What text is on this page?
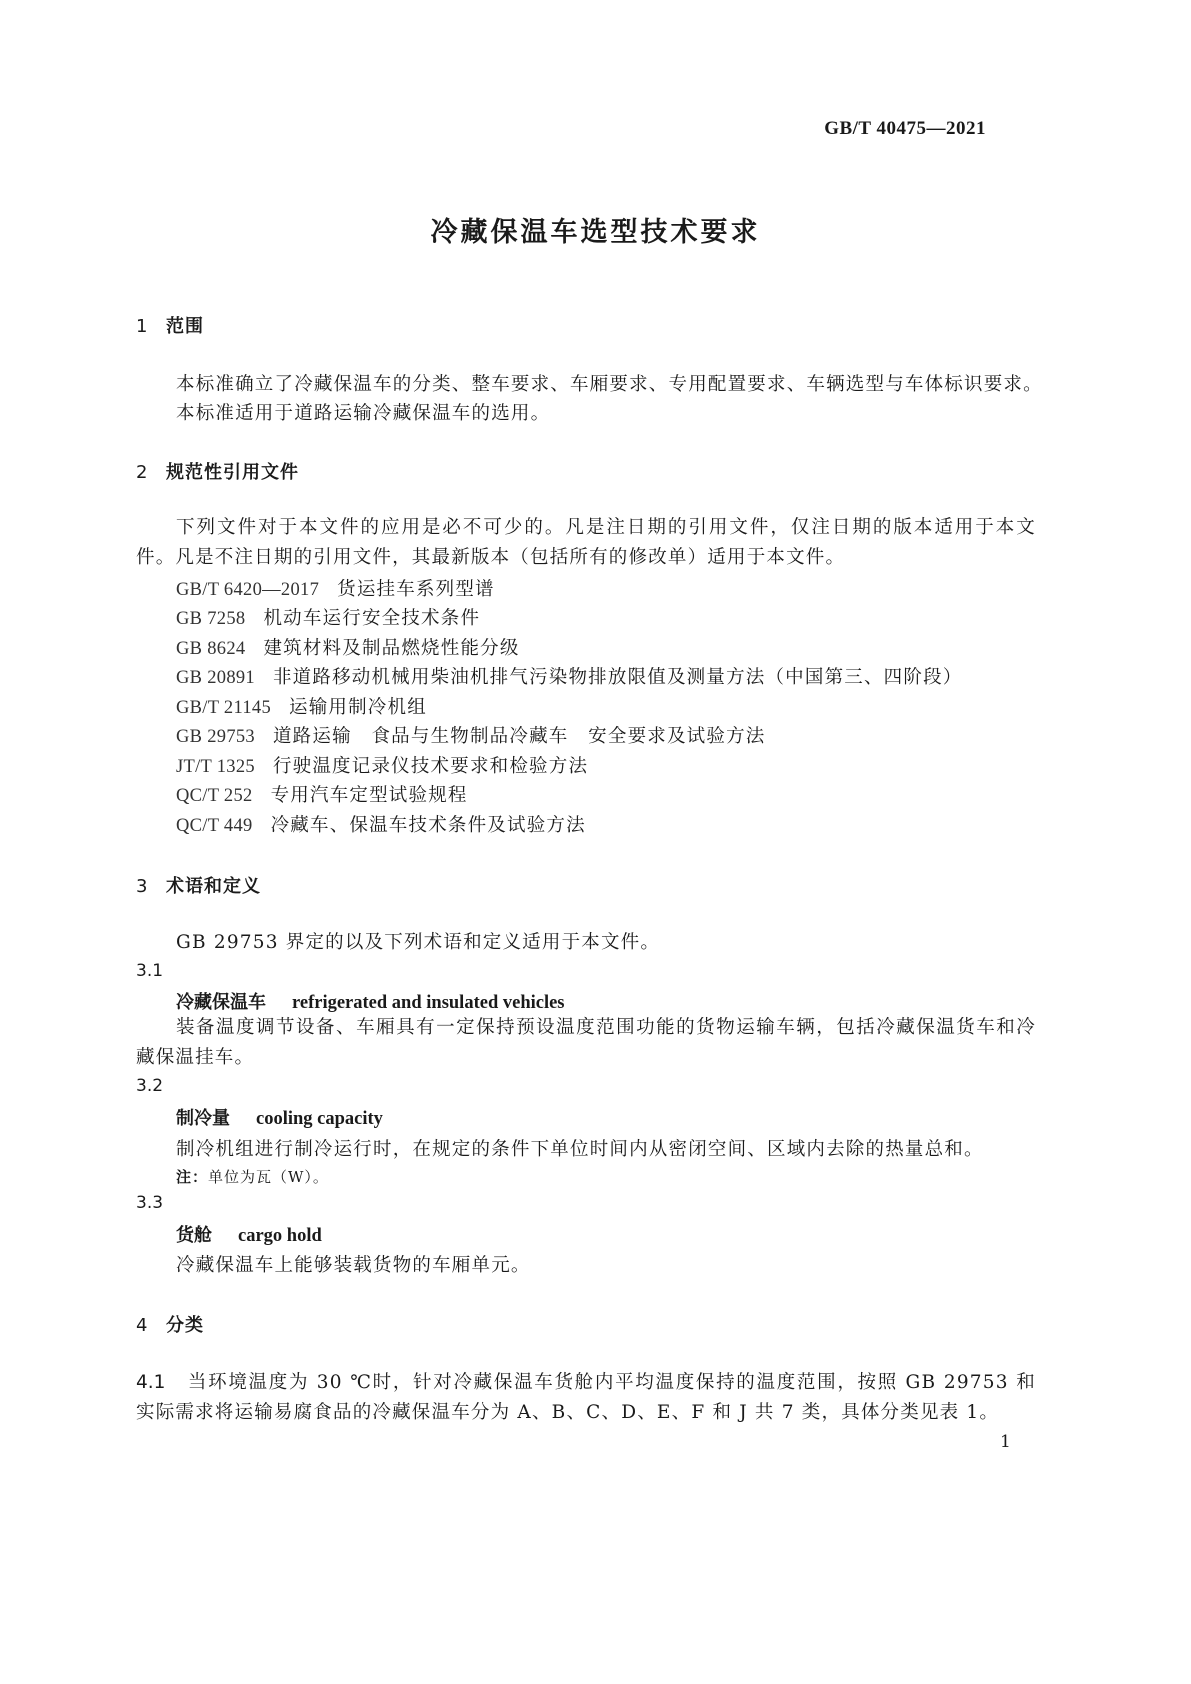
GB/T 40475—2021
冷藏保温车选型技术要求
1 范围
本标准确立了冷藏保温车的分类、整车要求、车厢要求、专用配置要求、车辆选型与车体标识要求。
本标准适用于道路运输冷藏保温车的选用。
2 规范性引用文件
下列文件对于本文件的应用是必不可少的。凡是注日期的引用文件，仅注日期的版本适用于本文件。凡是不注日期的引用文件，其最新版本（包括所有的修改单）适用于本文件。
GB/T 6420—2017 货运挂车系列型谱
GB 7258 机动车运行安全技术条件
GB 8624 建筑材料及制品燃烧性能分级
GB 20891 非道路移动机械用柴油机排气污染物排放限值及测量方法（中国第三、四阶段）
GB/T 21145 运输用制冷机组
GB 29753 道路运输　食品与生物制品冷藏车　安全要求及试验方法
JT/T 1325 行驶温度记录仪技术要求和检验方法
QC/T 252 专用汽车定型试验规程
QC/T 449 冷藏车、保温车技术条件及试验方法
3 术语和定义
GB 29753 界定的以及下列术语和定义适用于本文件。
3.1
冷藏保温车 refrigerated and insulated vehicles
装备温度调节设备、车厢具有一定保持预设温度范围功能的货物运输车辆，包括冷藏保温货车和冷藏保温挂车。
3.2
制冷量 cooling capacity
制冷机组进行制冷运行时，在规定的条件下单位时间内从密闭空间、区域内去除的热量总和。
注：单位为瓦（W）。
3.3
货舱 cargo hold
冷藏保温车上能够装载货物的车厢单元。
4 分类
4.1 当环境温度为 30 ℃时，针对冷藏保温车货舱内平均温度保持的温度范围，按照 GB 29753 和实际需求将运输易腐食品的冷藏保温车分为 A、B、C、D、E、F 和 J 共 7 类，具体分类见表 1。
1
